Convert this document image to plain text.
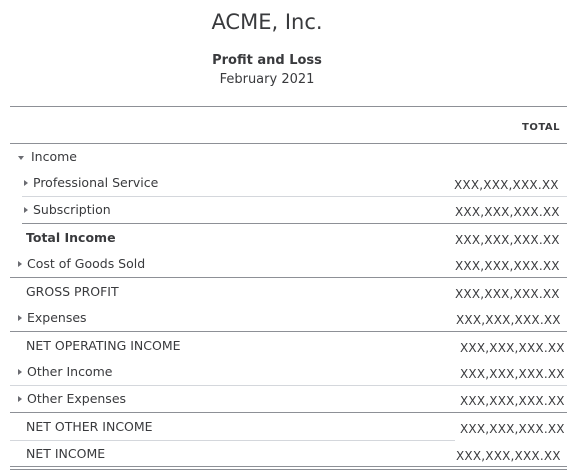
ACME, Inc.
Profit and Loss
February 2021
TOTAL
Income
Professional Service	XXX,XXX,XXX.XX
Subscription	XXX,XXX,XXX.XX
Total Income	XXX,XXX,XXX.XX
Cost of Goods Sold	XXX,XXX,XXX.XX
GROSS PROFIT	XXX,XXX,XXX.XX
Expenses	XXX,XXX,XXX.XX
NET OPERATING INCOME	XXX,XXX,XXX.XX
Other Income	XXX,XXX,XXX.XX
Other Expenses	XXX,XXX,XXX.XX
NET OTHER INCOME	XXX,XXX,XXX.XX
NET INCOME	XXX,XXX,XXX.XX
